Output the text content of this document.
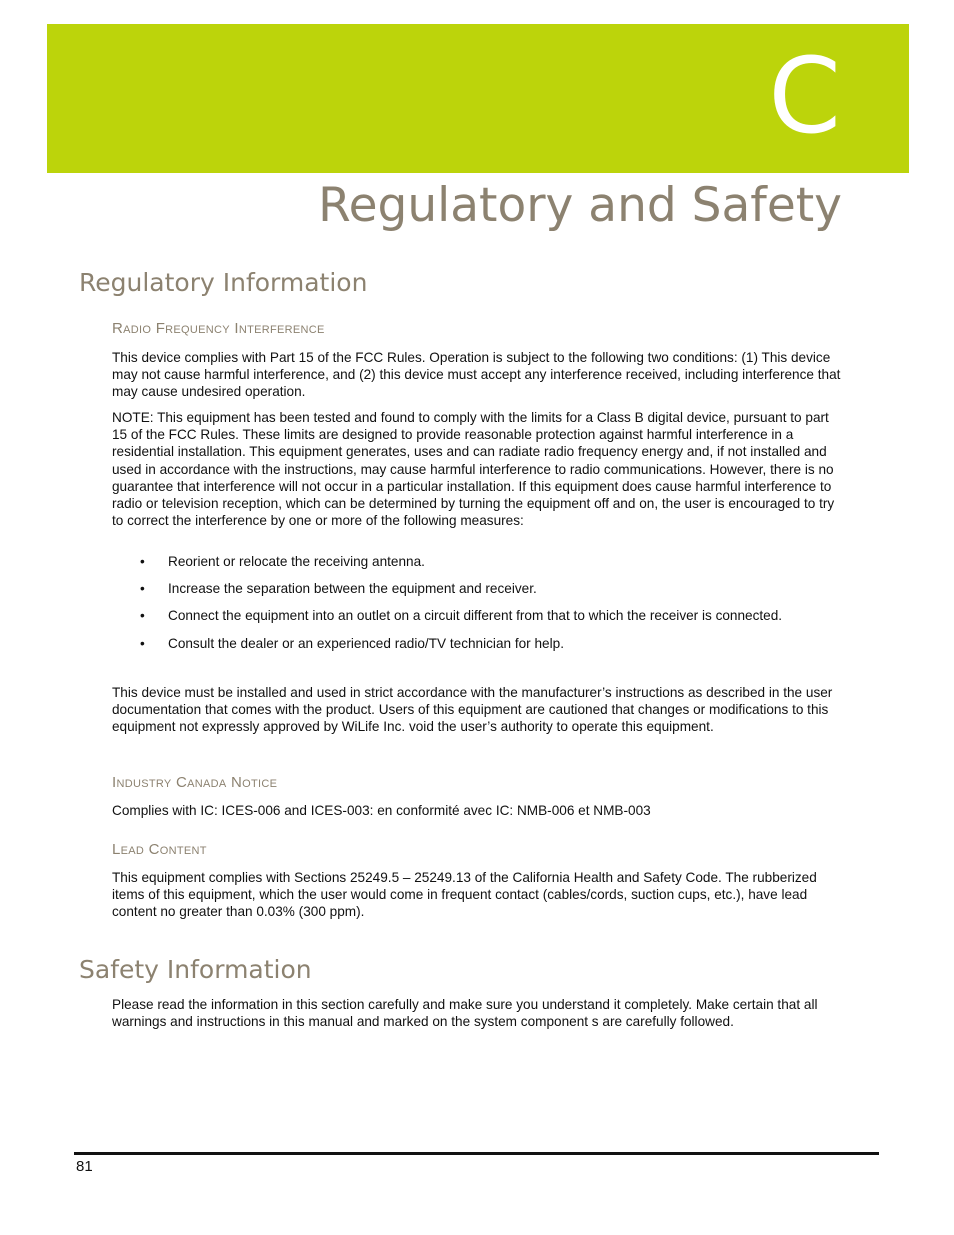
C
Regulatory and Safety
Regulatory Information
Radio Frequency Interference

This device complies with Part 15 of the FCC Rules. Operation is subject to the following two conditions: (1) This device may not cause harmful interference, and (2) this device must accept any interference received, including interference that may cause undesired operation.

NOTE: This equipment has been tested and found to comply with the limits for a Class B digital device, pursuant to part 15 of the FCC Rules. These limits are designed to provide reasonable protection against harmful interference in a residential installation. This equipment generates, uses and can radiate radio frequency energy and, if not installed and used in accordance with the instructions, may cause harmful interference to radio communications. However, there is no guarantee that interference will not occur in a particular installation. If this equipment does cause harmful interference to radio or television reception, which can be determined by turning the equipment off and on, the user is encouraged to try to correct the interference by one or more of the following measures:

• Reorient or relocate the receiving antenna.
• Increase the separation between the equipment and receiver.
• Connect the equipment into an outlet on a circuit different from that to which the receiver is connected.
• Consult the dealer or an experienced radio/TV technician for help.

This device must be installed and used in strict accordance with the manufacturer’s instructions as described in the user documentation that comes with the product. Users of this equipment are cautioned that changes or modifications to this equipment not expressly approved by WiLife Inc. void the user’s authority to operate this equipment.

Industry Canada Notice

Complies with IC: ICES-006 and ICES-003: en conformité avec IC: NMB-006 et NMB-003

Lead Content

This equipment complies with Sections 25249.5 – 25249.13 of the California Health and Safety Code. The rubberized items of this equipment, which the user would come in frequent contact (cables/cords, suction cups, etc.), have lead content no greater than 0.03% (300 ppm).

Safety Information

Please read the information in this section carefully and make sure you understand it completely. Make certain that all warnings and instructions in this manual and marked on the system component s are carefully followed.

81
